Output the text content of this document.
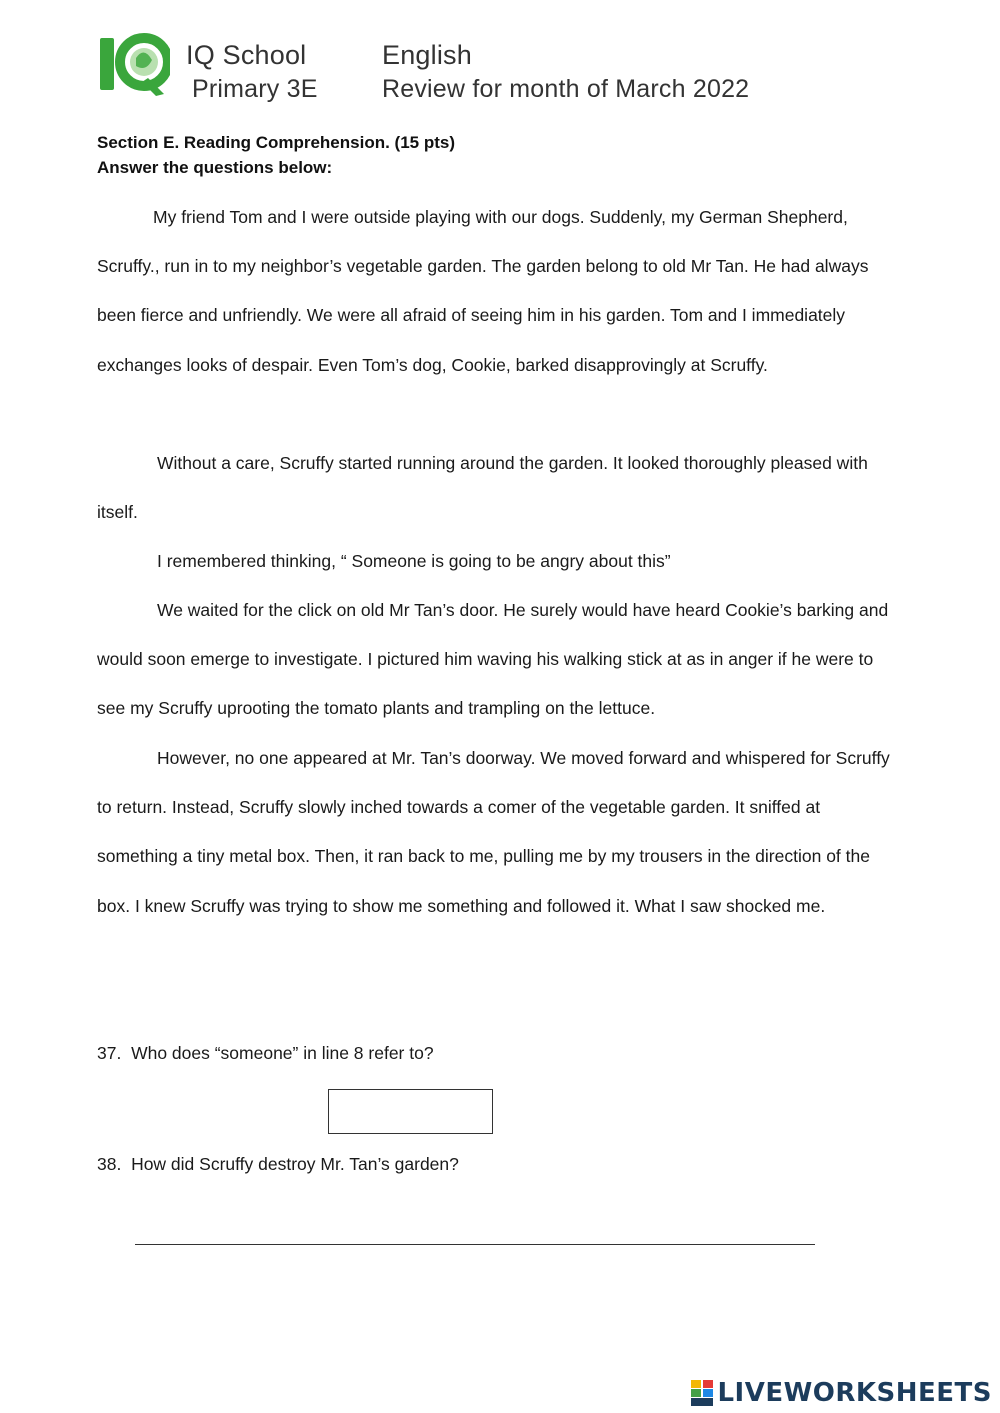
IQ School	English
Primary 3E	Review for month of March 2022
Section E. Reading Comprehension. (15 pts)
Answer the questions below:

My friend Tom and I were outside playing with our dogs. Suddenly, my German Shepherd, Scruffy., run in to my neighbor’s vegetable garden. The garden belong to old Mr Tan. He had always been fierce and unfriendly. We were all afraid of seeing him in his garden. Tom and I immediately exchanges looks of despair. Even Tom’s dog, Cookie, barked disapprovingly at Scruffy.

Without a care, Scruffy started running around the garden. It looked thoroughly pleased with itself.

I remembered thinking, “ Someone is going to be angry about this”

We waited for the click on old Mr Tan’s door. He surely would have heard Cookie’s barking and would soon emerge to investigate. I pictured him waving his walking stick at as in anger if he were to see my Scruffy uprooting the tomato plants and trampling on the lettuce.

However, no one appeared at Mr. Tan’s doorway. We moved forward and whispered for Scruffy to return. Instead, Scruffy slowly inched towards a comer of the vegetable garden. It sniffed at something a tiny metal box. Then, it ran back to me, pulling me by my trousers in the direction of the box. I knew Scruffy was trying to show me something and followed it. What I saw shocked me.

37. Who does “someone” in line 8 refer to?
38. How did Scruffy destroy Mr. Tan’s garden?
LIVEWORKSHEETS
